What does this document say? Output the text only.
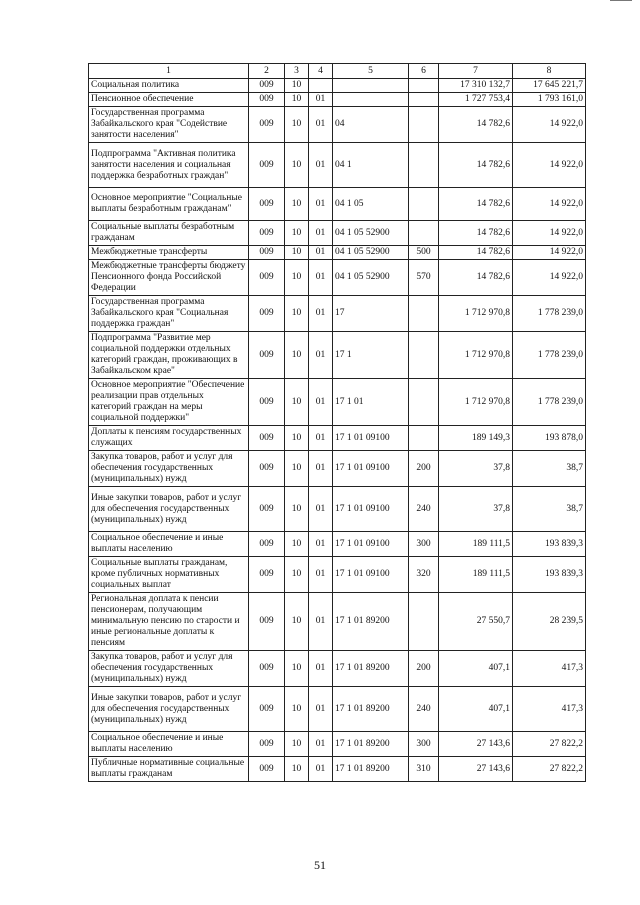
1	2	3	4	5	6	7	8
Социальная политика	009	10				17 310 132,7	17 645 221,7
Пенсионное обеспечение	009	10	01			1 727 753,4	1 793 161,0
Государственная программа Забайкальского края "Содействие занятости населения"	009	10	01	04		14 782,6	14 922,0
Подпрограмма "Активная политика занятости населения и социальная поддержка безработных граждан"	009	10	01	04 1		14 782,6	14 922,0
Основное мероприятие "Социальные выплаты безработным гражданам"	009	10	01	04 1 05		14 782,6	14 922,0
Социальные выплаты безработным гражданам	009	10	01	04 1 05 52900		14 782,6	14 922,0
Межбюджетные трансферты	009	10	01	04 1 05 52900	500	14 782,6	14 922,0
Межбюджетные трансферты бюджету Пенсионного фонда Российской Федерации	009	10	01	04 1 05 52900	570	14 782,6	14 922,0
Государственная программа Забайкальского края "Социальная поддержка граждан"	009	10	01	17		1 712 970,8	1 778 239,0
Подпрограмма "Развитие мер социальной поддержки отдельных категорий граждан, проживающих в Забайкальском крае"	009	10	01	17 1		1 712 970,8	1 778 239,0
Основное мероприятие "Обеспечение реализации прав отдельных категорий граждан на меры социальной поддержки"	009	10	01	17 1 01		1 712 970,8	1 778 239,0
Доплаты к пенсиям государственных служащих	009	10	01	17 1 01 09100		189 149,3	193 878,0
Закупка товаров, работ и услуг для обеспечения государственных (муниципальных) нужд	009	10	01	17 1 01 09100	200	37,8	38,7
Иные закупки товаров, работ и услуг для обеспечения государственных (муниципальных) нужд	009	10	01	17 1 01 09100	240	37,8	38,7
Социальное обеспечение и иные выплаты населению	009	10	01	17 1 01 09100	300	189 111,5	193 839,3
Социальные выплаты гражданам, кроме публичных нормативных социальных выплат	009	10	01	17 1 01 09100	320	189 111,5	193 839,3
Региональная доплата к пенсии пенсионерам, получающим минимальную пенсию по старости и иные региональные доплаты к пенсиям	009	10	01	17 1 01 89200		27 550,7	28 239,5
Закупка товаров, работ и услуг для обеспечения государственных (муниципальных) нужд	009	10	01	17 1 01 89200	200	407,1	417,3
Иные закупки товаров, работ и услуг для обеспечения государственных (муниципальных) нужд	009	10	01	17 1 01 89200	240	407,1	417,3
Социальное обеспечение и иные выплаты населению	009	10	01	17 1 01 89200	300	27 143,6	27 822,2
Публичные нормативные социальные выплаты гражданам	009	10	01	17 1 01 89200	310	27 143,6	27 822,2
51
